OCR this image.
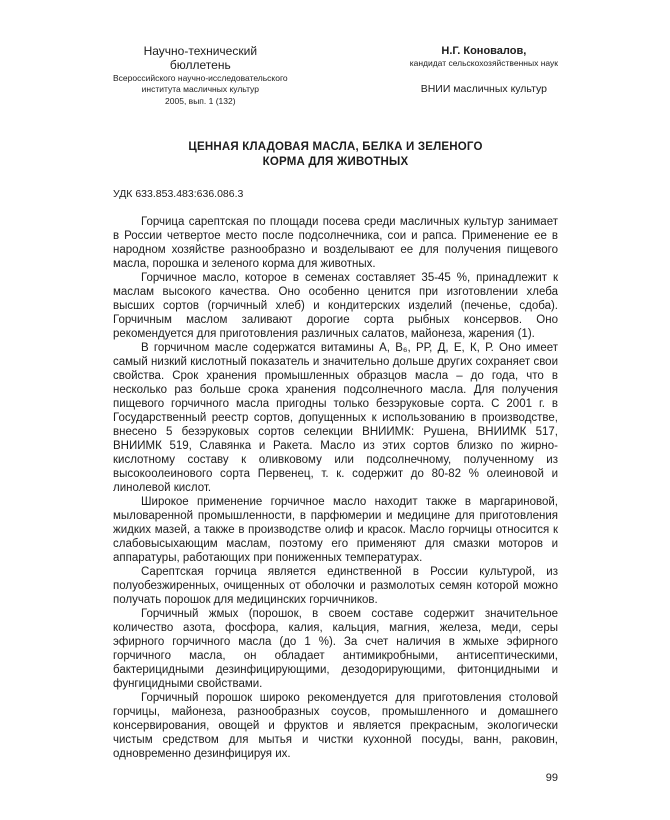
Научно-технический
бюллетень
Всероссийского научно-исследовательского
института масличных культур
2005, вып. 1 (132)
Н.Г. Коновалов,
кандидат сельскохозяйственных наук
ВНИИ масличных культур
ЦЕННАЯ КЛАДОВАЯ МАСЛА, БЕЛКА И ЗЕЛЕНОГО
КОРМА ДЛЯ ЖИВОТНЫХ
УДК 633.853.483:636.086.3

Горчица сарептская по площади посева среди масличных культур занимает в России четвертое место после подсолнечника, сои и рапса. Применение ее в народном хозяйстве разнообразно и возделывают ее для получения пищевого масла, порошка и зеленого корма для животных.

Горчичное масло, которое в семенах составляет 35-45 %, принадлежит к маслам высокого качества. Оно особенно ценится при изготовлении хлеба высших сортов (горчичный хлеб) и кондитерских изделий (печенье, сдоба). Горчичным маслом заливают дорогие сорта рыбных консервов. Оно рекомендуется для приготовления различных салатов, майонеза, жарения (1).

В горчичном масле содержатся витамины А, В₆, РР, Д, Е, К, Р. Оно имеет самый низкий кислотный показатель и значительно дольше других сохраняет свои свойства. Срок хранения промышленных образцов масла – до года, что в несколько раз больше срока хранения подсолнечного масла. Для получения пищевого горчичного масла пригодны только безэруковые сорта. С 2001 г. в Государственный реестр сортов, допущенных к использованию в производстве, внесено 5 безэруковых сортов селекции ВНИИМК: Рушена, ВНИИМК 517, ВНИИМК 519, Славянка и Ракета. Масло из этих сортов близко по жирно-кислотному составу к оливковому или подсолнечному, полученному из высокоолеинового сорта Первенец, т. к. содержит до 80-82 % олеиновой и линолевой кислот.

Широкое применение горчичное масло находит также в маргариновой, мыловаренной промышленности, в парфюмерии и медицине для приготовления жидких мазей, а также в производстве олиф и красок. Масло горчицы относится к слабовысыхающим маслам, поэтому его применяют для смазки моторов и аппаратуры, работающих при пониженных температурах.

Сарептская горчица является единственной в России культурой, из полуобезжиренных, очищенных от оболочки и размолотых семян которой можно получать порошок для медицинских горчичников.

Горчичный жмых (порошок, в своем составе содержит значительное количество азота, фосфора, калия, кальция, магния, железа, меди, серы эфирного горчичного масла (до 1 %). За счет наличия в жмыхе эфирного горчичного масла, он обладает антимикробными, антисептическими, бактерицидными дезинфицирующими, дезодорирующими, фитонцидными и фунгицидными свойствами.

Горчичный порошок широко рекомендуется для приготовления столовой горчицы, майонеза, разнообразных соусов, промышленного и домашнего консервирования, овощей и фруктов и является прекрасным, экологически чистым средством для мытья и чистки кухонной посуды, ванн, раковин, одновременно дезинфицируя их.

99
